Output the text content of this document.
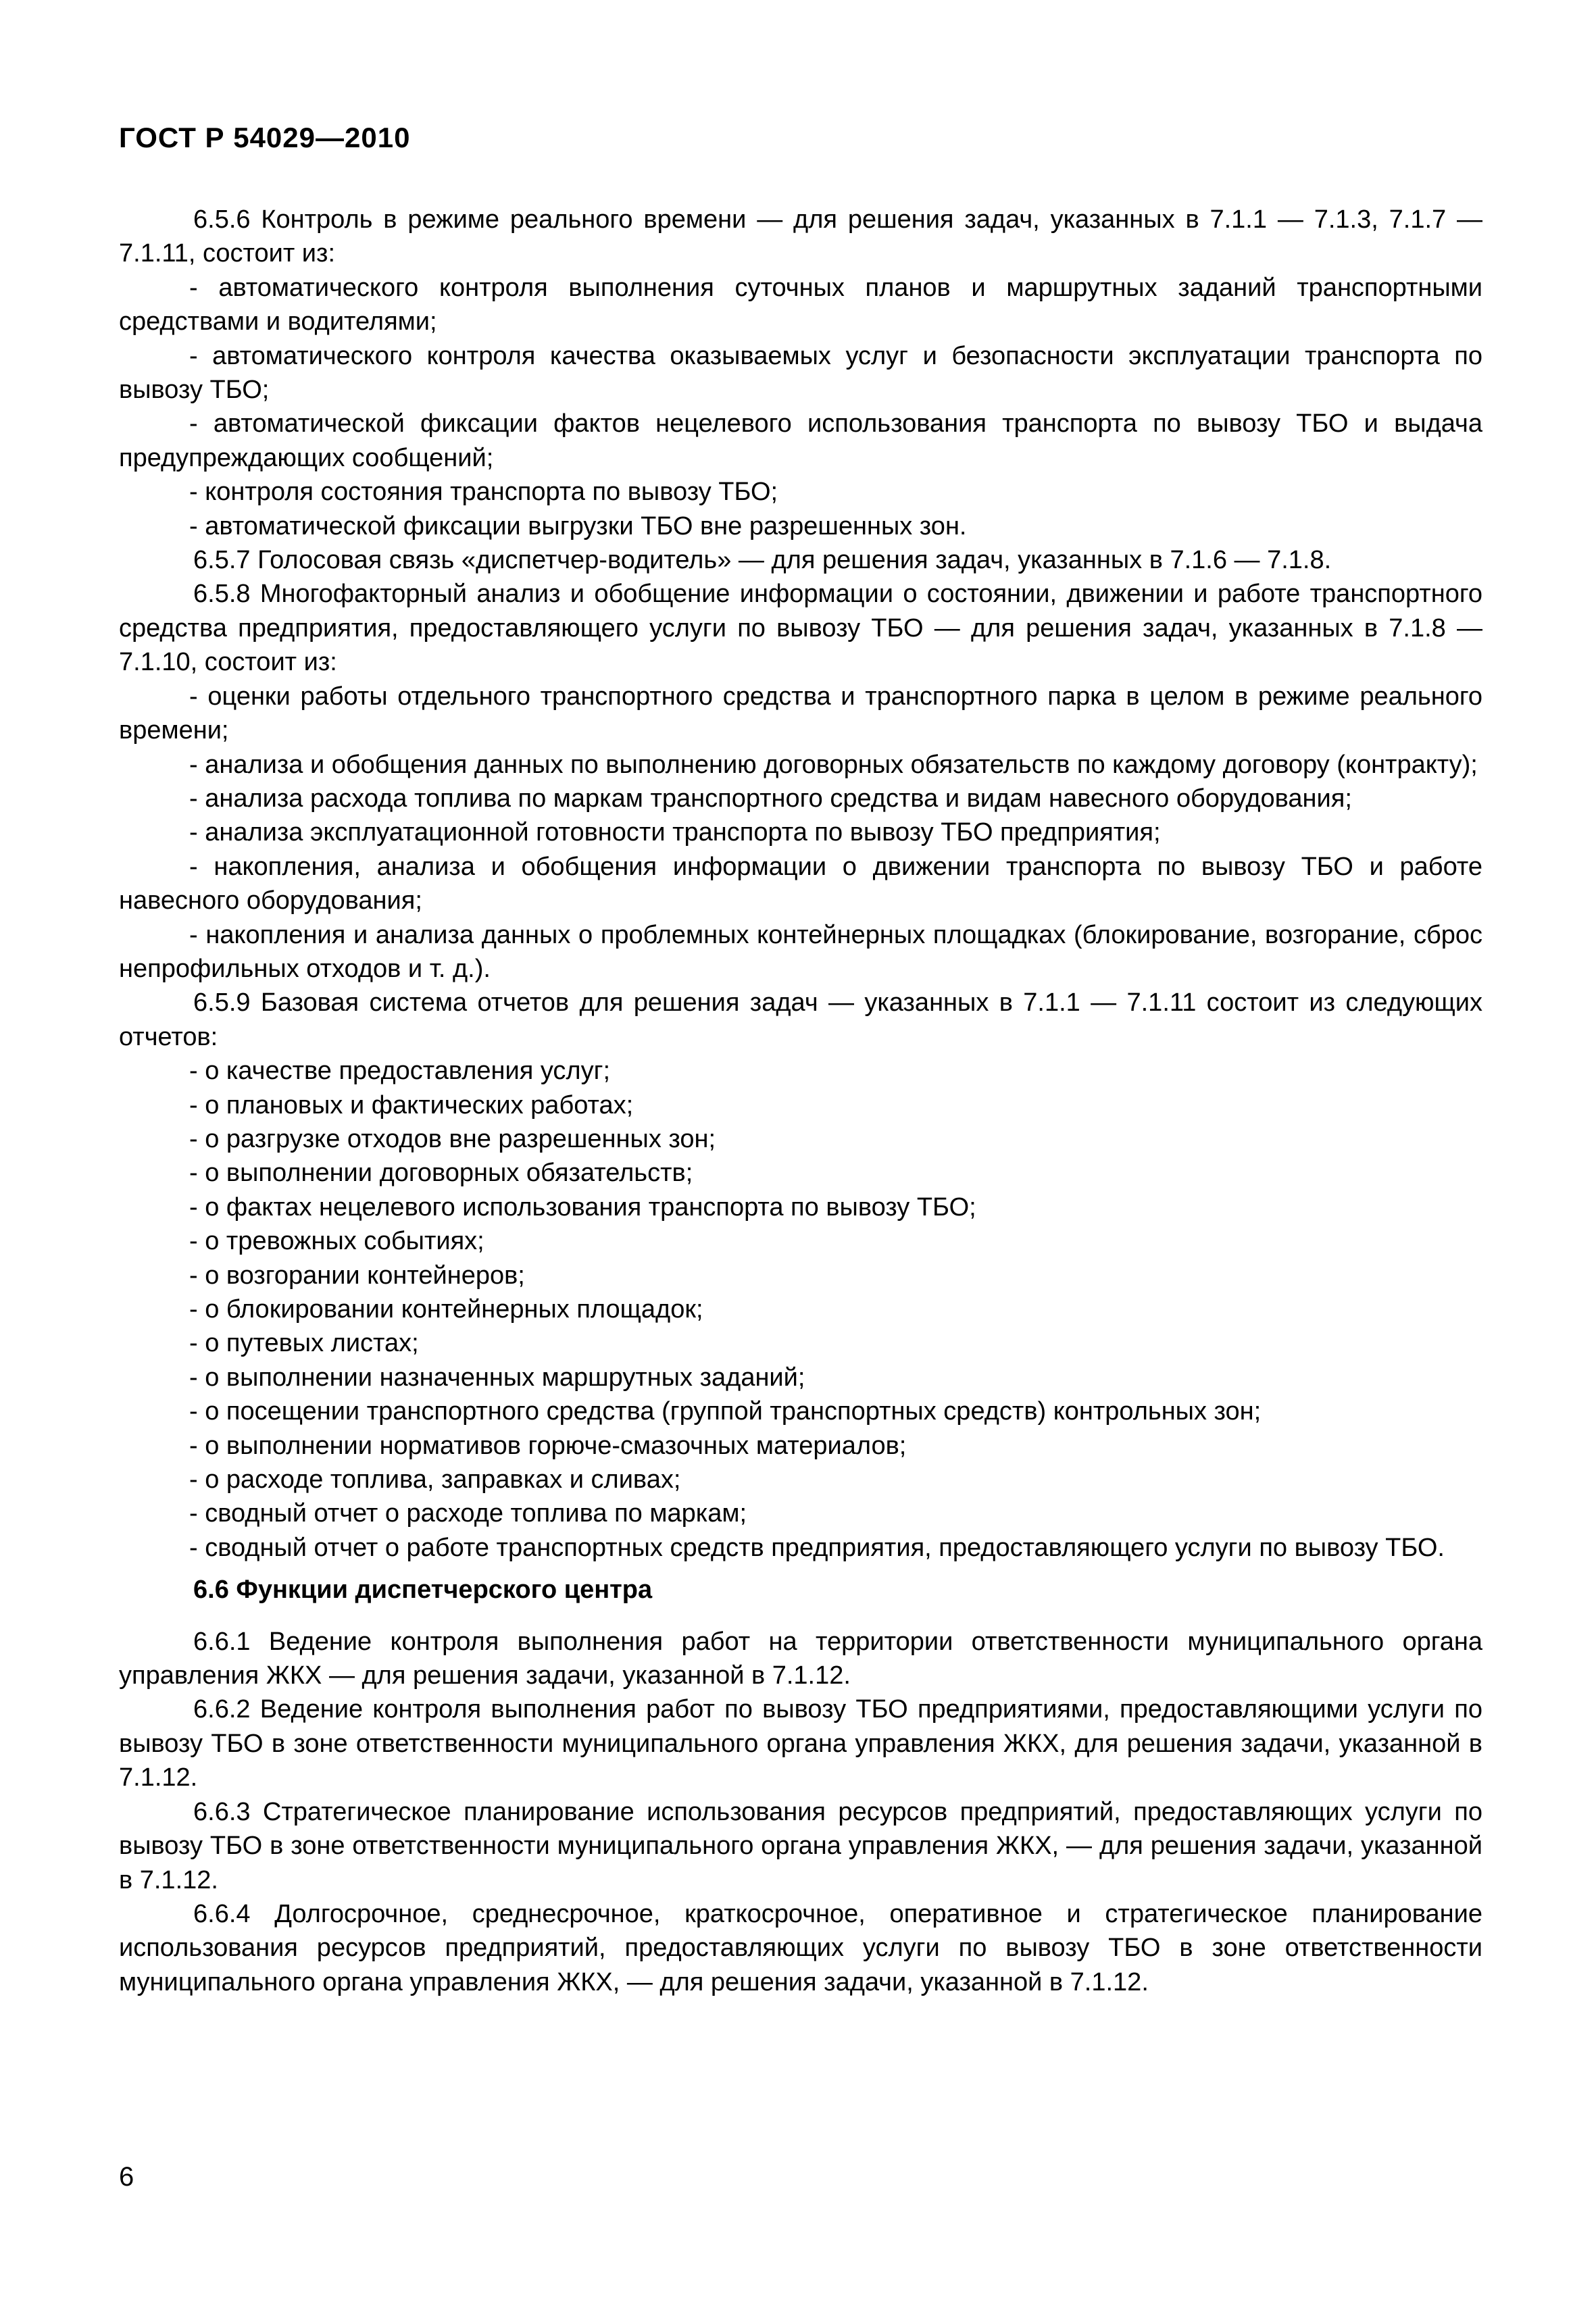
ГОСТ Р 54029—2010

6.5.6 Контроль в режиме реального времени — для решения задач, указанных в 7.1.1 — 7.1.3, 7.1.7 — 7.1.11, состоит из:

- автоматического контроля выполнения суточных планов и маршрутных заданий транспортными средствами и водителями;

- автоматического контроля качества оказываемых услуг и безопасности эксплуатации транспорта по вывозу ТБО;

- автоматической фиксации фактов нецелевого использования транспорта по вывозу ТБО и выдача предупреждающих сообщений;

- контроля состояния транспорта по вывозу ТБО;

- автоматической фиксации выгрузки ТБО вне разрешенных зон.

6.5.7 Голосовая связь «диспетчер-водитель» — для решения задач, указанных в 7.1.6 — 7.1.8.

6.5.8 Многофакторный анализ и обобщение информации о состоянии, движении и работе транспортного средства предприятия, предоставляющего услуги по вывозу ТБО — для решения задач, указанных в 7.1.8 — 7.1.10, состоит из:

- оценки работы отдельного транспортного средства и транспортного парка в целом в режиме реального времени;

- анализа и обобщения данных по выполнению договорных обязательств по каждому договору (контракту);

- анализа расхода топлива по маркам транспортного средства и видам навесного оборудования;

- анализа эксплуатационной готовности транспорта по вывозу ТБО предприятия;

- накопления, анализа и обобщения информации о движении транспорта по вывозу ТБО и работе навесного оборудования;

- накопления и анализа данных о проблемных контейнерных площадках (блокирование, возгорание, сброс непрофильных отходов и т. д.).

6.5.9 Базовая система отчетов для решения задач — указанных в 7.1.1 — 7.1.11 состоит из следующих отчетов:

- о качестве предоставления услуг;

- о плановых и фактических работах;

- о разгрузке отходов вне разрешенных зон;

- о выполнении договорных обязательств;

- о фактах нецелевого использования транспорта по вывозу ТБО;

- о тревожных событиях;

- о возгорании контейнеров;

- о блокировании контейнерных площадок;

- о путевых листах;

- о выполнении назначенных маршрутных заданий;

- о посещении транспортного средства (группой транспортных средств) контрольных зон;

- о выполнении нормативов горюче-смазочных материалов;

- о расходе топлива, заправках и сливах;

- сводный отчет о расходе топлива по маркам;

- сводный отчет о работе транспортных средств предприятия, предоставляющего услуги по вывозу ТБО.

6.6 Функции диспетчерского центра

6.6.1 Ведение контроля выполнения работ на территории ответственности муниципального органа управления ЖКХ — для решения задачи, указанной в 7.1.12.

6.6.2 Ведение контроля выполнения работ по вывозу ТБО предприятиями, предоставляющими услуги по вывозу ТБО в зоне ответственности муниципального органа управления ЖКХ, для решения задачи, указанной в 7.1.12.

6.6.3 Стратегическое планирование использования ресурсов предприятий, предоставляющих услуги по вывозу ТБО в зоне ответственности муниципального органа управления ЖКХ, — для решения задачи, указанной в 7.1.12.

6.6.4 Долгосрочное, среднесрочное, краткосрочное, оперативное и стратегическое планирование использования ресурсов предприятий, предоставляющих услуги по вывозу ТБО в зоне ответственности муниципального органа управления ЖКХ, — для решения задачи, указанной в 7.1.12.

6
